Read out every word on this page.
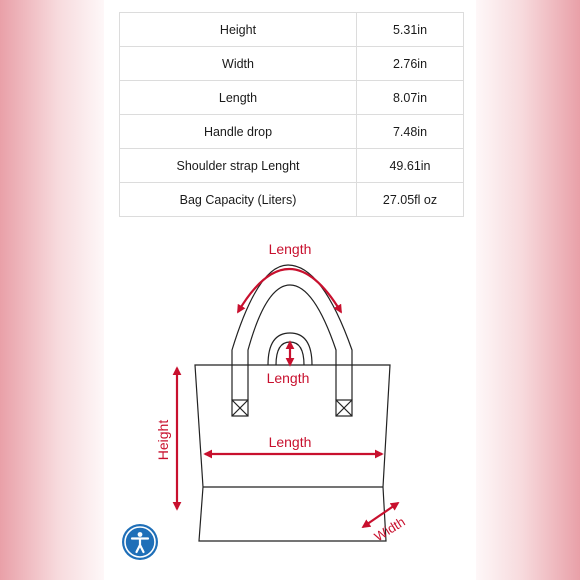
Height	5.31in
Width	2.76in
Length	8.07in
Handle drop	7.48in
Shoulder strap Lenght	49.61in
Bag Capacity (Liters)	27.05fl oz
Length
Length
Length
Height
Width
